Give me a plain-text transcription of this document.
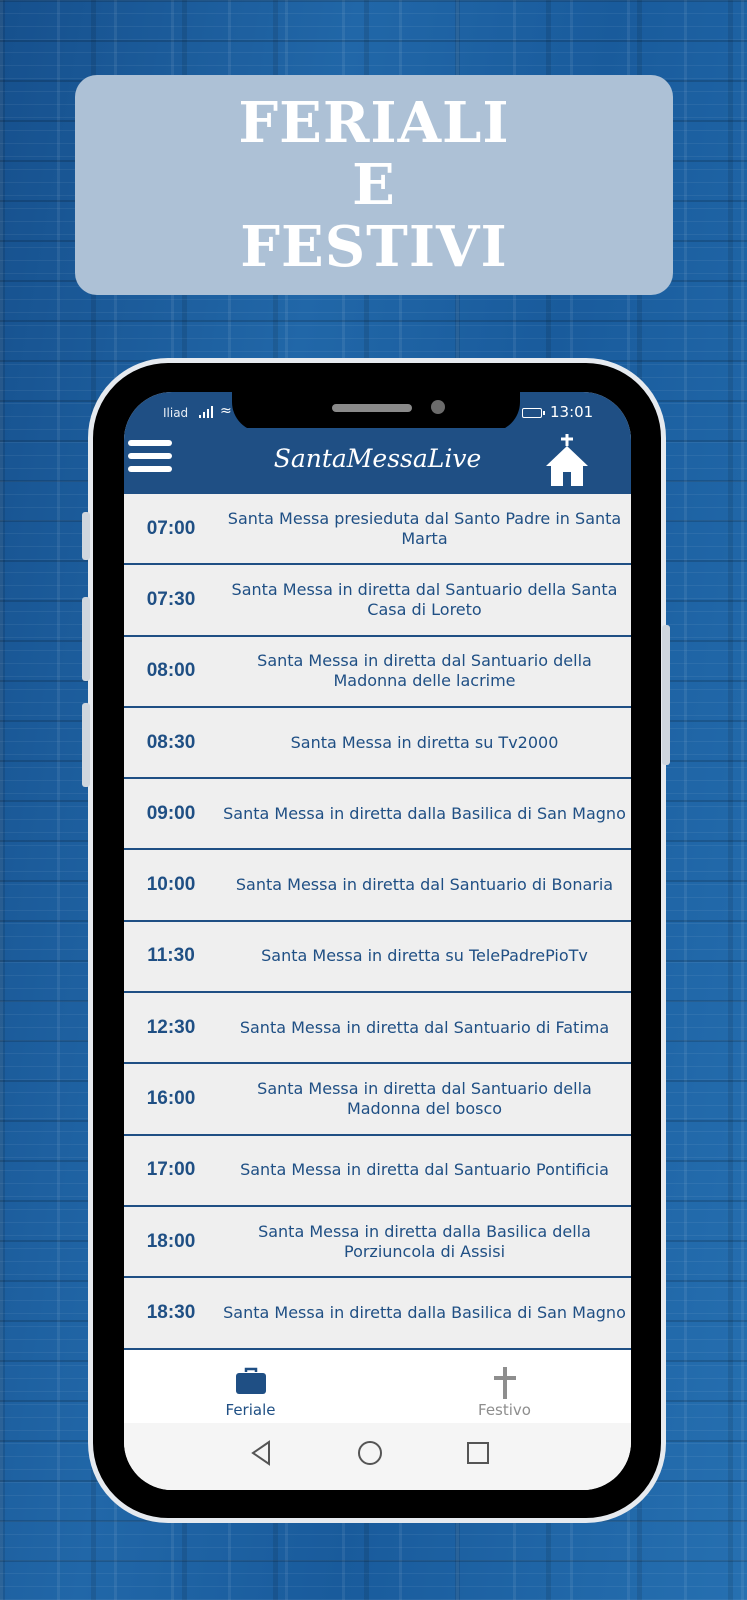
FERIALI
E
FESTIVI
Iliad ≈	13:01
SantaMessaLive
07:00	Santa Messa presieduta dal Santo Padre in Santa Marta
07:30	Santa Messa in diretta dal Santuario della Santa Casa di Loreto
08:00	Santa Messa in diretta dal Santuario della Madonna delle lacrime
08:30	Santa Messa in diretta su Tv2000
09:00	Santa Messa in diretta dalla Basilica di San Magno
10:00	Santa Messa in diretta dal Santuario di Bonaria
11:30	Santa Messa in diretta su TelePadrePioTv
12:30	Santa Messa in diretta dal Santuario di Fatima
16:00	Santa Messa in diretta dal Santuario della Madonna del bosco
17:00	Santa Messa in diretta dal Santuario Pontificia
18:00	Santa Messa in diretta dalla Basilica della Porziuncola di Assisi
18:30	Santa Messa in diretta dalla Basilica di San Magno
Feriale	Festivo
